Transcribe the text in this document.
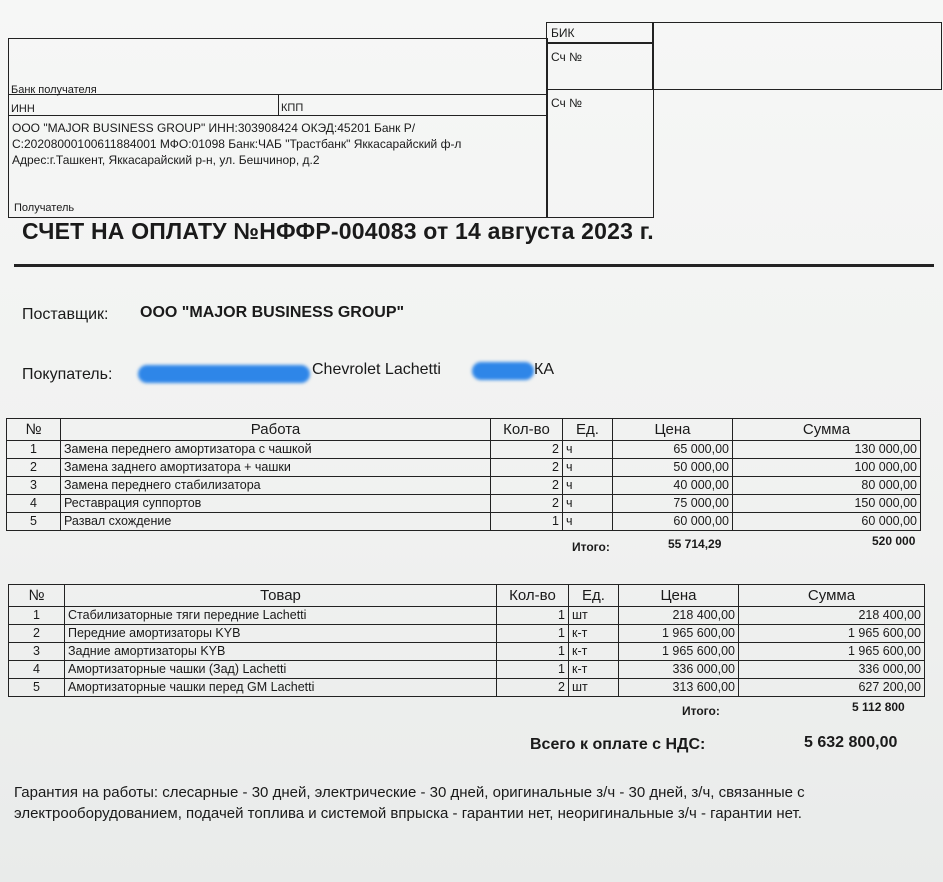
БИК
Сч №
Сч №
Банк получателя
ИНН	КПП
ООО "MAJOR BUSINESS GROUP" ИНН:303908424 ОКЭД:45201 Банк Р/С:20208000100611884001 МФО:01098 Банк:ЧАБ "Трастбанк" Яккасарайский ф-л Адрес:г.Ташкент, Яккасарайский р-н, ул. Бешчинор, д.2
Получатель
СЧЕТ НА ОПЛАТУ №НФФР-004083 от 14 августа 2023 г.
Поставщик: ООО "MAJOR BUSINESS GROUP"
Покупатель:	Chevrolet Lachetti	КА
№	Работа	Кол-во	Ед.	Цена	Сумма
1	Замена переднего амортизатора с чашкой	2	ч	65 000,00	130 000,00
2	Замена заднего амортизатора + чашки	2	ч	50 000,00	100 000,00
3	Замена переднего стабилизатора	2	ч	40 000,00	80 000,00
4	Реставрация суппортов	2	ч	75 000,00	150 000,00
5	Развал схождение	1	ч	60 000,00	60 000,00
Итого:	55 714,29	520 000
№	Товар	Кол-во	Ед.	Цена	Сумма
1	Стабилизаторные тяги передние Lachetti	1	шт	218 400,00	218 400,00
2	Передние амортизаторы KYB	1	к-т	1 965 600,00	1 965 600,00
3	Задние амортизаторы KYB	1	к-т	1 965 600,00	1 965 600,00
4	Амортизаторные чашки (Зад) Lachetti	1	к-т	336 000,00	336 000,00
5	Амортизаторные чашки перед GM Lachetti	2	шт	313 600,00	627 200,00
Итого:	5 112 800
Всего к оплате с НДС:	5 632 800,00
Гарантия на работы: слесарные - 30 дней, электрические - 30 дней, оригинальные з/ч - 30 дней, з/ч, связанные с электрооборудованием, подачей топлива и системой впрыска - гарантии нет, неоригинальные з/ч - гарантии нет.
